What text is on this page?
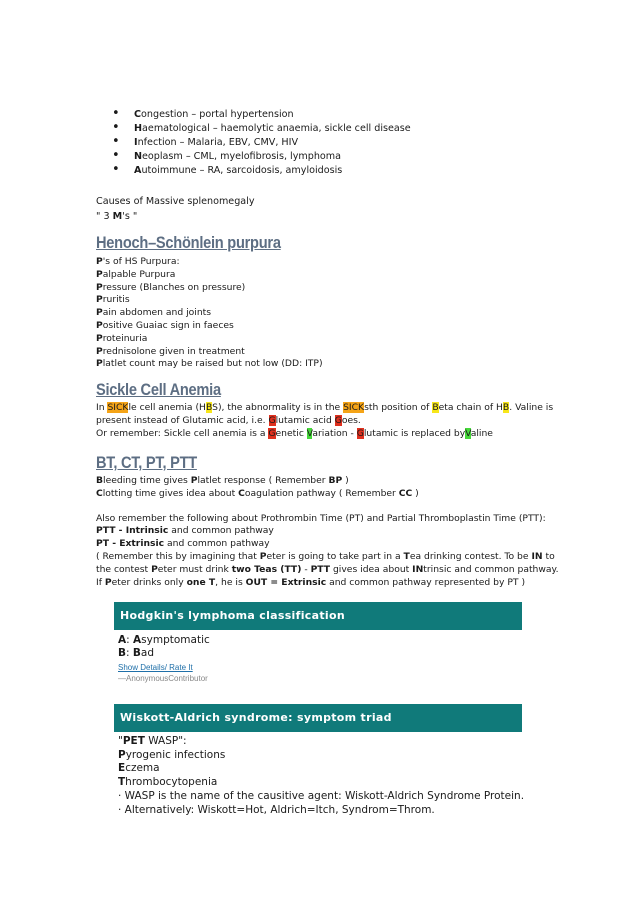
• Congestion – portal hypertension
• Haematological – haemolytic anaemia, sickle cell disease
• Infection – Malaria, EBV, CMV, HIV
• Neoplasm – CML, myelofibrosis, lymphoma
• Autoimmune – RA, sarcoidosis, amyloidosis
Causes of Massive splenomegaly
" 3 M's "
Henoch–Schönlein purpura
P's of HS Purpura:
Palpable Purpura
Pressure (Blanches on pressure)
Pruritis
Pain abdomen and joints
Positive Guaiac sign in faeces
Proteinuria
Prednisolone given in treatment
Platlet count may be raised but not low (DD: ITP)
Sickle Cell Anemia
In SICKle cell anemia (HBS), the abnormality is in the SICKsth position of Beta chain of HB. Valine is
present instead of Glutamic acid, i.e. Glutamic acid Goes.
Or remember: Sickle cell anemia is a Genetic Variation - Glutamic is replaced byValine
BT, CT, PT, PTT
Bleeding time gives Platlet response ( Remember BP )
Clotting time gives idea about Coagulation pathway ( Remember CC )
Also remember the following about Prothrombin Time (PT) and Partial Thromboplastin Time (PTT):
PTT - Intrinsic and common pathway
PT - Extrinsic and common pathway
( Remember this by imagining that Peter is going to take part in a Tea drinking contest. To be IN to
the contest Peter must drink two Teas (TT) - PTT gives idea about INtrinsic and common pathway.
If Peter drinks only one T, he is OUT = Extrinsic and common pathway represented by PT )
Hodgkin's lymphoma classification
A: Asymptomatic
B: Bad
Show Details/ Rate It
—AnonymousContributor
Wiskott-Aldrich syndrome: symptom triad
"PET WASP":
Pyrogenic infections
Eczema
Thrombocytopenia
· WASP is the name of the causitive agent: Wiskott-Aldrich Syndrome Protein.
· Alternatively: Wiskott=Hot, Aldrich=Itch, Syndrom=Throm.
